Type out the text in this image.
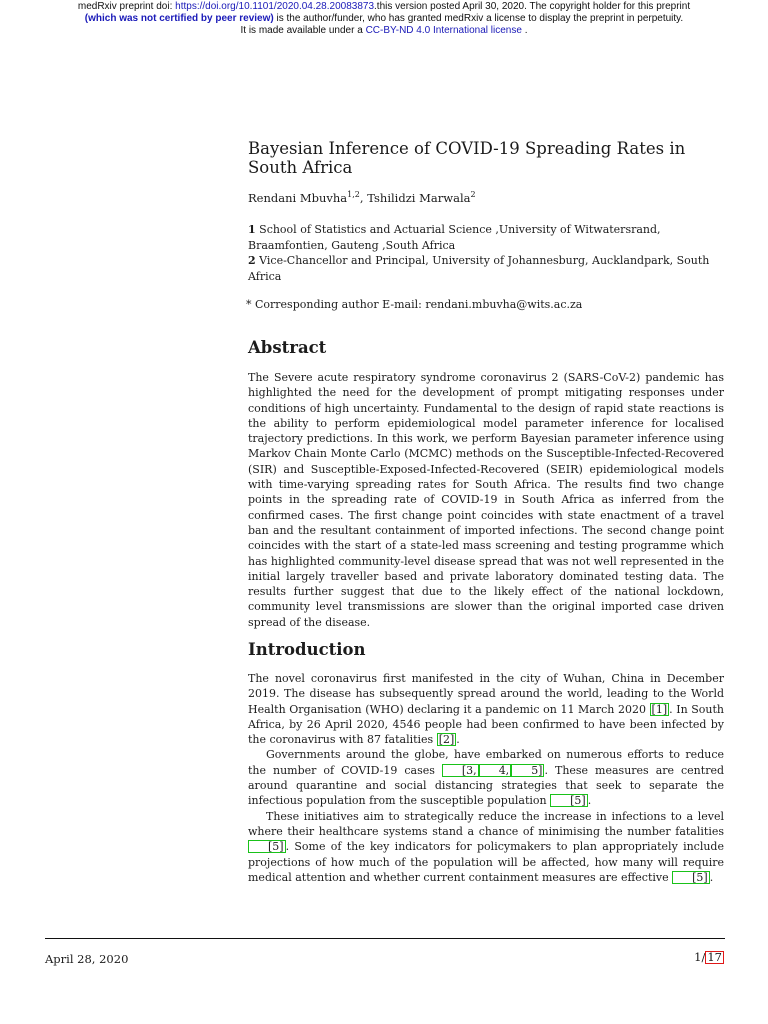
medRxiv preprint doi: https://doi.org/10.1101/2020.04.28.20083873.this version posted April 30, 2020. The copyright holder for this preprint
(which was not certified by peer review) is the author/funder, who has granted medRxiv a license to display the preprint in perpetuity.
It is made available under a CC-BY-ND 4.0 International license .
Bayesian Inference of COVID-19 Spreading Rates in South Africa
Rendani Mbuvha$^{1,2}$, Tshilidzi Marwala$^2$
1 School of Statistics and Actuarial Science ,University of Witwatersrand, Braamfontien, Gauteng ,South Africa
2 Vice-Chancellor and Principal, University of Johannesburg, Aucklandpark, South Africa
* Corresponding author E-mail: rendani.mbuvha@wits.ac.za
Abstract
The Severe acute respiratory syndrome coronavirus 2 (SARS-CoV-2) pandemic has highlighted the need for the development of prompt mitigating responses under conditions of high uncertainty. Fundamental to the design of rapid state reactions is the ability to perform epidemiological model parameter inference for localised trajectory predictions. In this work, we perform Bayesian parameter inference using Markov Chain Monte Carlo (MCMC) methods on the Susceptible-Infected-Recovered (SIR) and Susceptible-Exposed-Infected-Recovered (SEIR) epidemiological models with time-varying spreading rates for South Africa. The results find two change points in the spreading rate of COVID-19 in South Africa as inferred from the confirmed cases. The first change point coincides with state enactment of a travel ban and the resultant containment of imported infections. The second change point coincides with the start of a state-led mass screening and testing programme which has highlighted community-level disease spread that was not well represented in the initial largely traveller based and private laboratory dominated testing data. The results further suggest that due to the likely effect of the national lockdown, community level transmissions are slower than the original imported case driven spread of the disease.
Introduction

The novel coronavirus first manifested in the city of Wuhan, China in December 2019. The disease has subsequently spread around the world, leading to the World Health Organisation (WHO) declaring it a pandemic on 11 March 2020 [1] . In South Africa, by 26 April 2020, 4546 people had been confirmed to have been infected by the coronavirus with 87 fatalities [2] .

Governments around the globe, have embarked on numerous efforts to reduce the number of COVID-19 cases [3, 4, 5] . These measures are centred around quarantine and social distancing strategies that seek to separate the infectious population from the susceptible population [5] .

These initiatives aim to strategically reduce the increase in infections to a level where their healthcare systems stand a chance of minimising the number fatalities[5] . Some of the key indicators for policymakers to plan appropriately include projections of how much of the population will be affected, how many will require medical attention and whether current containment measures are effective [5] .

April 28, 2020	1/ 17
